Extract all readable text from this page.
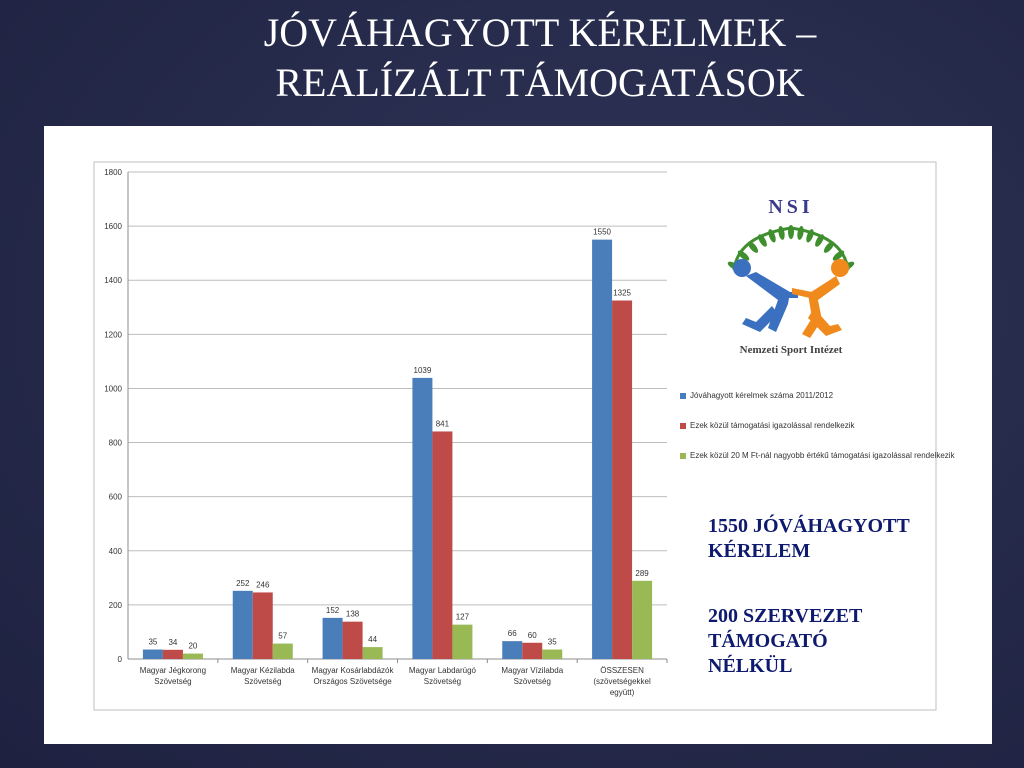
JÓVÁHAGYOTT KÉRELMEK –
REALÍZÁLT TÁMOGATÁSOK
0
200
400
600
800
1000
1200
1400
1600
1800
35 34 20
Magyar Jégkorong
Szövetség
252 246
57
Magyar Kézilabda
Szövetség
152 138
44
Magyar Kosárlabdázók
Országos Szövetsége
1039
841
127
Magyar Labdarúgó
Szövetség
66 60
35
Magyar Vízilabda
Szövetség
1550
1325
289
ÖSSZESEN
(szövetségekkel
együtt)
NSI
Nemzeti Sport Intézet
Jóváhagyott kérelmek száma 2011/2012
Ezek közül támogatási igazolással rendelkezik
Ezek közül 20 M Ft-nál nagyobb értékű támogatási igazolással rendelkezik
1550 JÓVÁHAGYOTT
KÉRELEM
200 SZERVEZET
TÁMOGATÓ
NÉLKÜL
